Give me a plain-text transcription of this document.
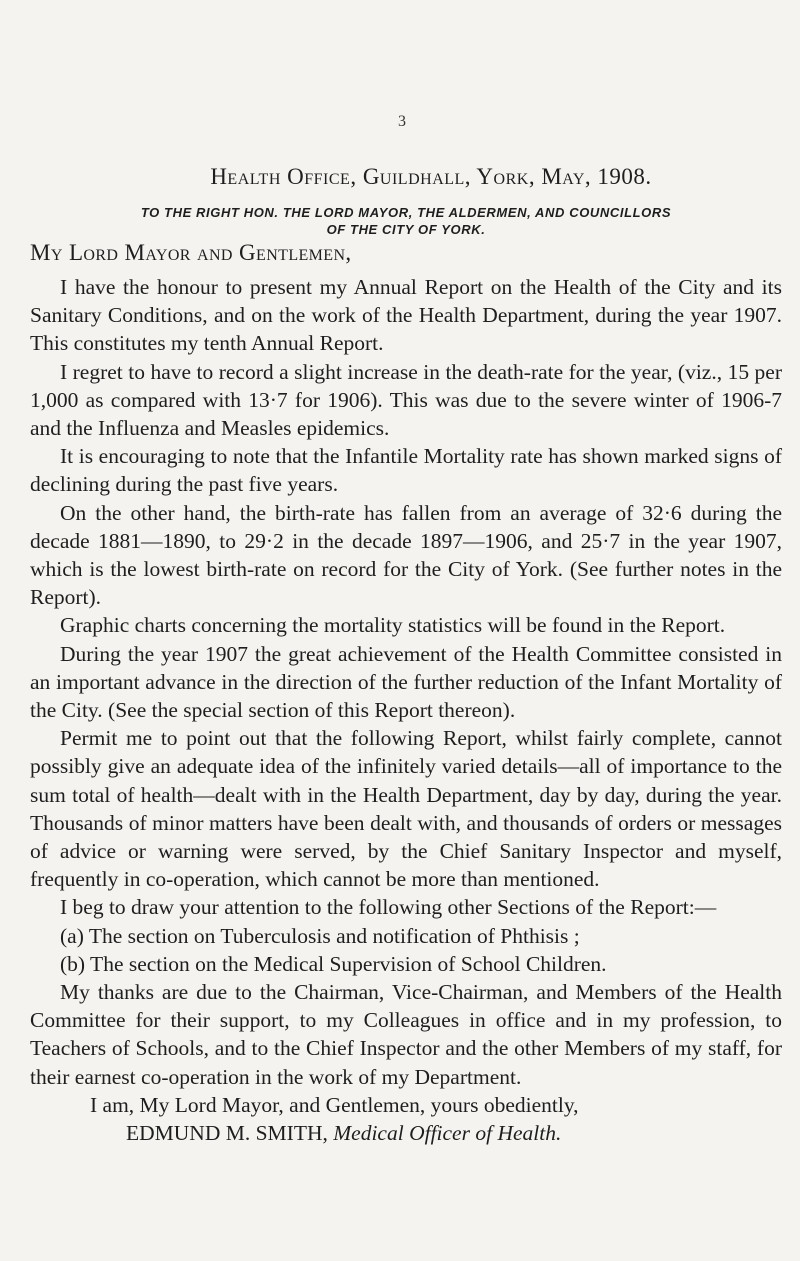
3
Health Office, Guildhall, York, May, 1908.
TO THE RIGHT HON. THE LORD MAYOR, THE ALDERMEN, AND COUNCILLORS
OF THE CITY OF YORK.
My Lord Mayor and Gentlemen,

I have the honour to present my Annual Report on the Health of the City and its Sanitary Conditions, and on the work of the Health Department, during the year 1907. This constitutes my tenth Annual Report.

I regret to have to record a slight increase in the death-rate for the year, (viz., 15 per 1,000 as compared with 13·7 for 1906). This was due to the severe winter of 1906-7 and the Influenza and Measles epidemics.

It is encouraging to note that the Infantile Mortality rate has shown marked signs of declining during the past five years.

On the other hand, the birth-rate has fallen from an average of 32·6 during the decade 1881—1890, to 29·2 in the decade 1897—1906, and 25·7 in the year 1907, which is the lowest birth-rate on record for the City of York. (See further notes in the Report).

Graphic charts concerning the mortality statistics will be found in the Report.

During the year 1907 the great achievement of the Health Committee consisted in an important advance in the direction of the further reduction of the Infant Mortality of the City. (See the special section of this Report thereon).

Permit me to point out that the following Report, whilst fairly complete, cannot possibly give an adequate idea of the infinitely varied details—all of importance to the sum total of health—dealt with in the Health Department, day by day, during the year. Thousands of minor matters have been dealt with, and thousands of orders or messages of advice or warning were served, by the Chief Sanitary Inspector and myself, frequently in co-operation, which cannot be more than mentioned.

I beg to draw your attention to the following other Sections of the Report:—

(a) The section on Tuberculosis and notification of Phthisis ;

(b) The section on the Medical Supervision of School Children.

My thanks are due to the Chairman, Vice-Chairman, and Members of the Health Committee for their support, to my Colleagues in office and in my profession, to Teachers of Schools, and to the Chief Inspector and the other Members of my staff, for their earnest co-operation in the work of my Department.

I am, My Lord Mayor, and Gentlemen, yours obediently,

EDMUND M. SMITH, Medical Officer of Health.
